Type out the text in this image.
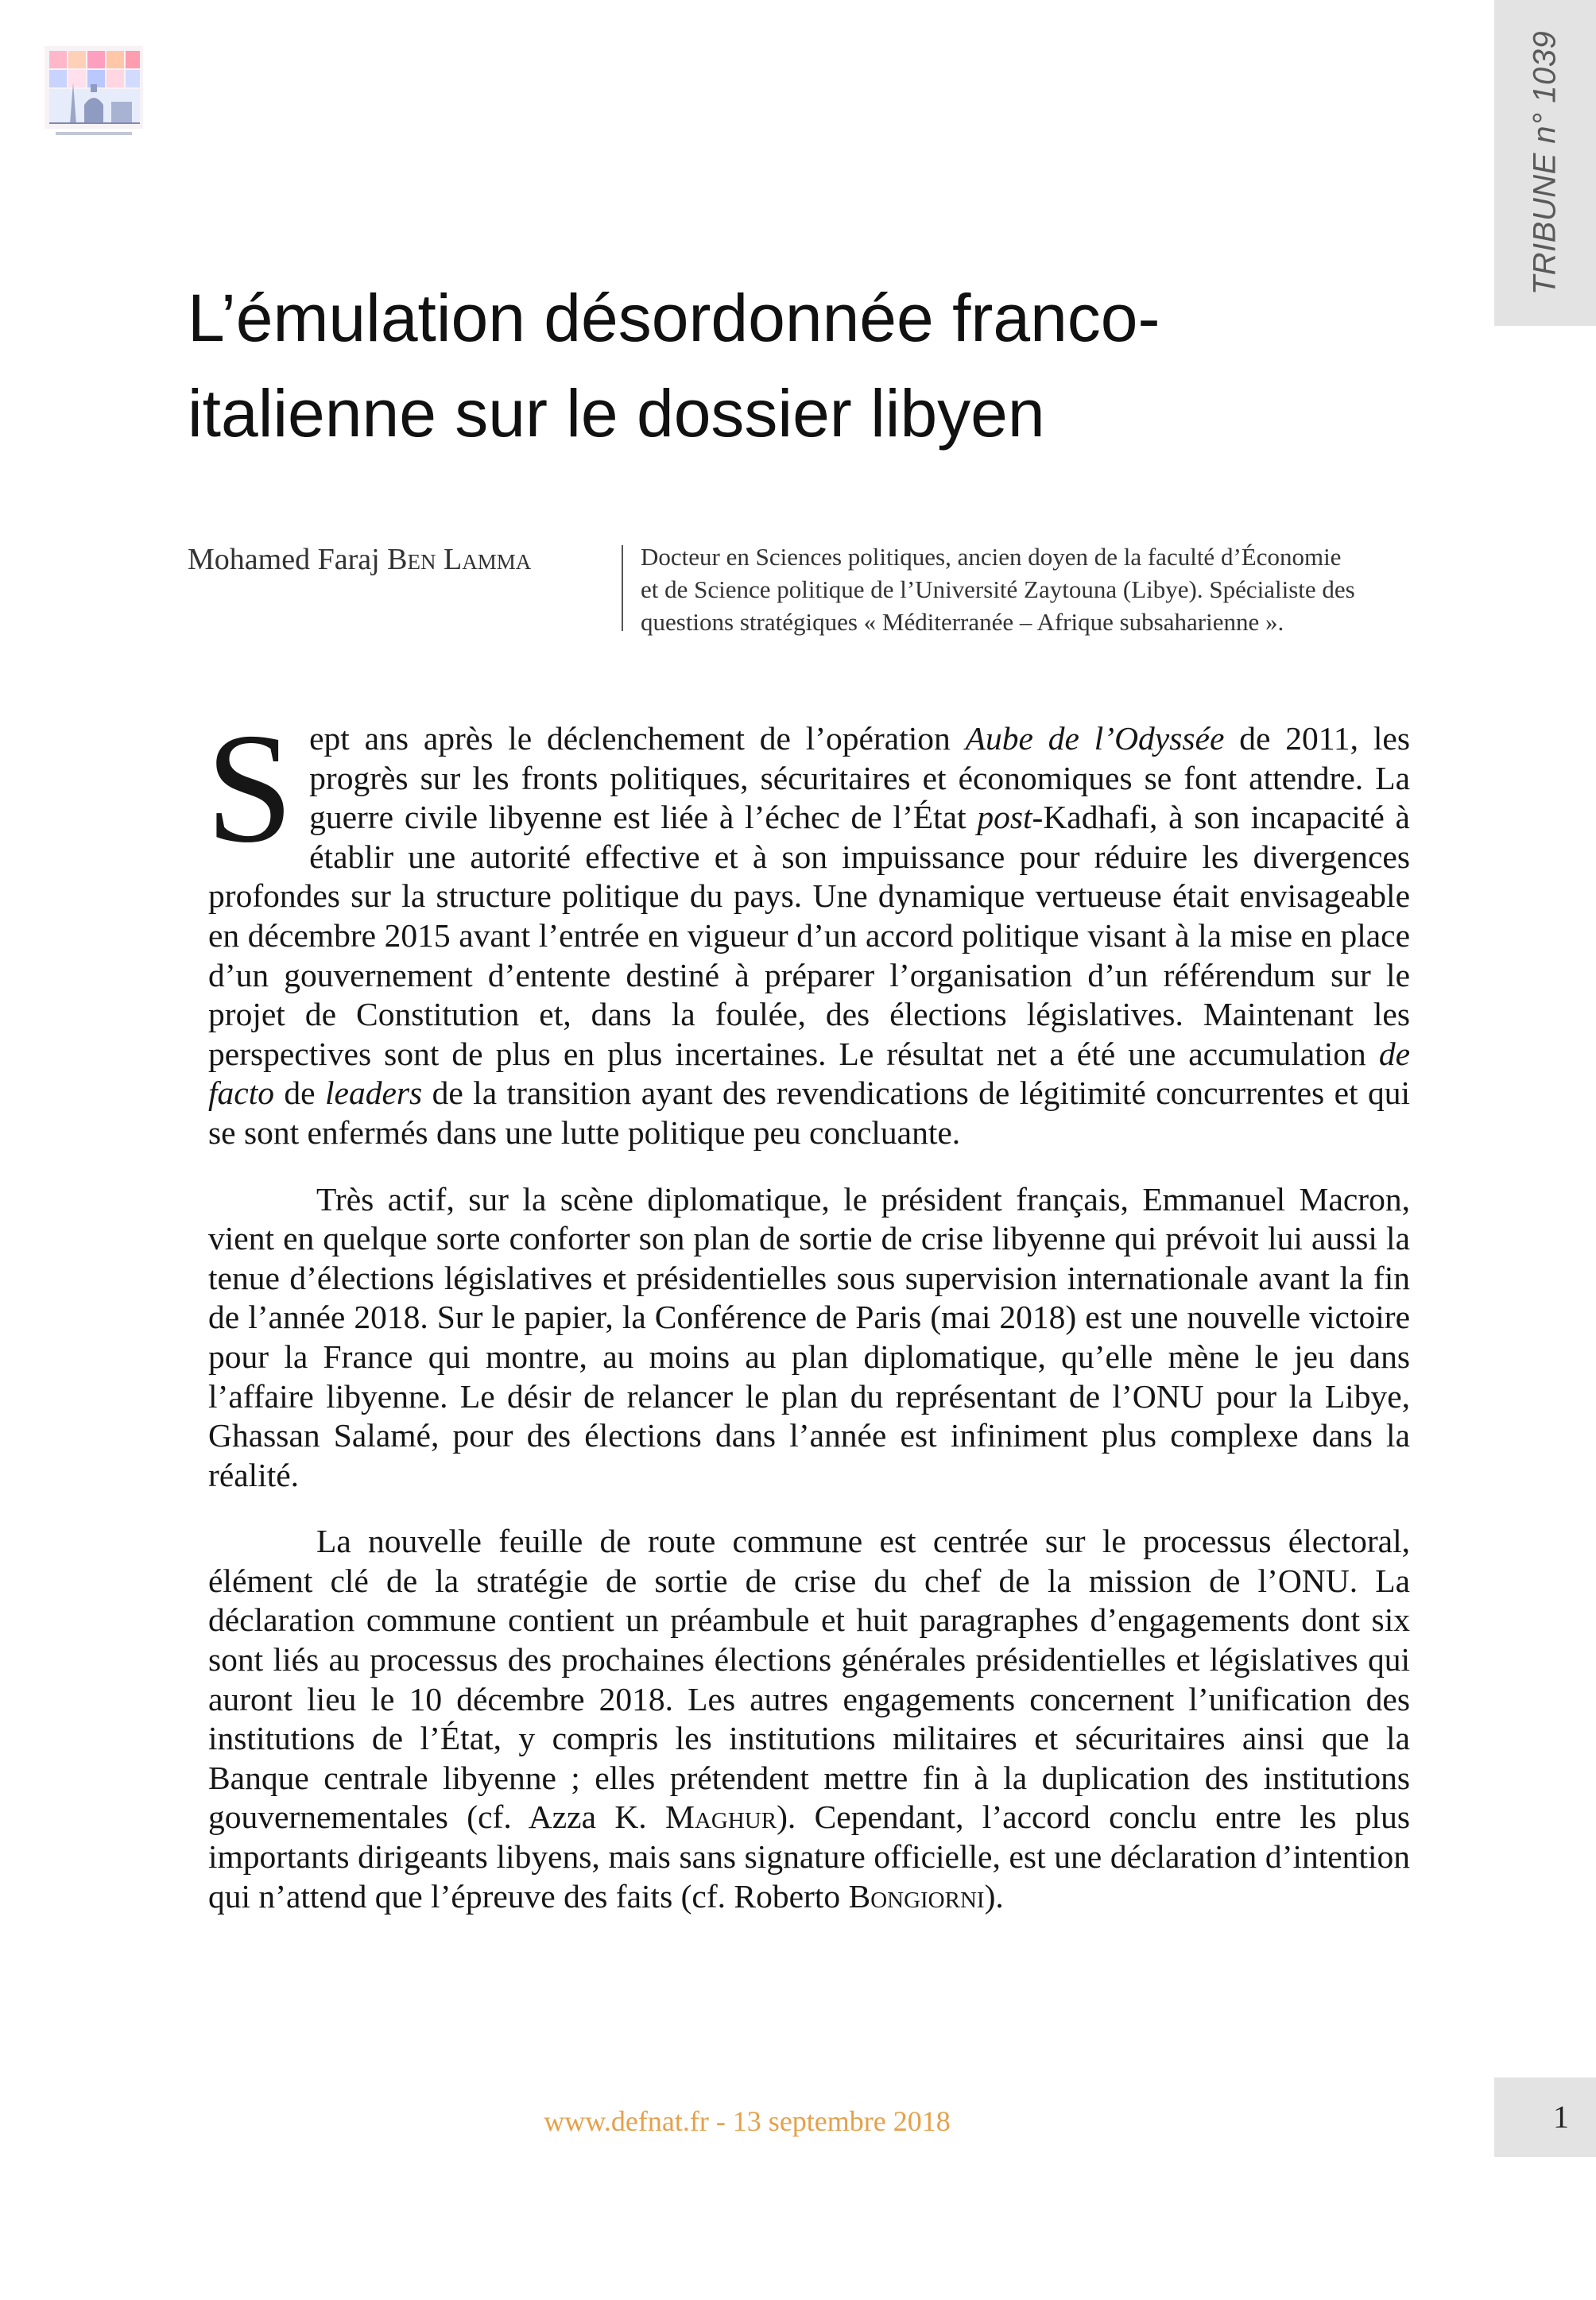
TRIBUNE n° 1039
L’émulation désordonnée franco-
italienne sur le dossier libyen
Mohamed Faraj Ben Lamma	Docteur en Sciences politiques, ancien doyen de la faculté d’Économie
et de Science politique de l’Université Zaytouna (Libye). Spécialiste des
questions stratégiques « Méditerranée – Afrique subsaharienne ».

Sept ans après le déclenchement de l’opération Aube de l’Odyssée de 2011, les progrès sur les fronts politiques, sécuritaires et économiques se font attendre. La guerre civile libyenne est liée à l’échec de l’État post-Kadhafi, à son incapacité à établir une autorité effective et à son impuissance pour réduire les divergences profondes sur la structure politique du pays. Une dynamique vertueuse était envisageable en décembre 2015 avant l’entrée en vigueur d’un accord politique visant à la mise en place d’un gouvernement d’entente destiné à préparer l’organisation d’un référendum sur le projet de Constitution et, dans la foulée, des élections législatives. Maintenant les perspectives sont de plus en plus incertaines. Le résultat net a été une accumulation de facto de leaders de la transition ayant des revendications de légitimité concurrentes et qui se sont enfermés dans une lutte politique peu concluante.

Très actif, sur la scène diplomatique, le président français, Emmanuel Macron, vient en quelque sorte conforter son plan de sortie de crise libyenne qui prévoit lui aussi la tenue d’élections législatives et présidentielles sous supervision internationale avant la fin de l’année 2018. Sur le papier, la Conférence de Paris (mai 2018) est une nouvelle victoire pour la France qui montre, au moins au plan diplomatique, qu’elle mène le jeu dans l’affaire libyenne. Le désir de relancer le plan du représentant de l’ONU pour la Libye, Ghassan Salamé, pour des élections dans l’année est infiniment plus complexe dans la réalité.

La nouvelle feuille de route commune est centrée sur le processus électoral, élément clé de la stratégie de sortie de crise du chef de la mission de l’ONU. La déclaration commune contient un préambule et huit paragraphes d’engagements dont six sont liés au processus des prochaines élections générales présidentielles et législatives qui auront lieu le 10 décembre 2018. Les autres engagements concernent l’unification des institutions de l’État, y compris les institutions militaires et sécuritaires ainsi que la Banque centrale libyenne ; elles prétendent mettre fin à la duplication des institutions gouvernementales (cf. Azza K. Maghur). Cependant, l’accord conclu entre les plus importants dirigeants libyens, mais sans signature officielle, est une déclaration d’intention qui n’attend que l’épreuve des faits (cf. Roberto Bongiorni).

www.defnat.fr - 13 septembre 2018	1
